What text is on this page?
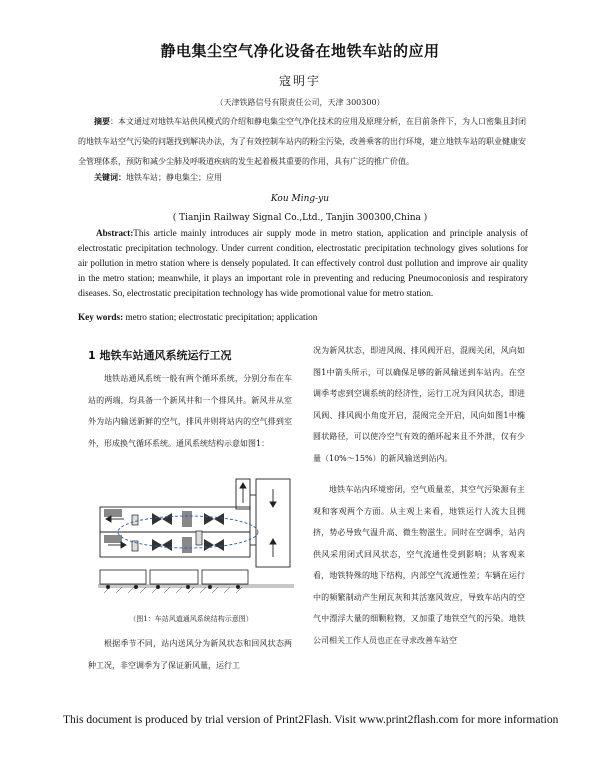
静电集尘空气净化设备在地铁车站的应用
寇明宇
（天津铁路信号有限责任公司，天津 300300）
摘要：本文通过对地铁车站供风模式的介绍和静电集尘空气净化技术的应用及原理分析，在目前条件下，为人口密集且封闭的地铁车站空气污染的问题找到解决办法，为了有效控制车站内的粉尘污染，改善乘客的出行环境，建立地铁车站的职业健康安全管理体系，预防和减少尘肺及呼吸道疾病的发生起着极其重要的作用，具有广泛的推广价值。
关键词：地铁车站；静电集尘；应用
Kou Ming-yu
( Tianjin Railway Signal Co.,Ltd., Tanjin 300300,China )
Abstract:This article mainly introduces air supply mode in metro station, application and principle analysis of electrostatic precipitation technology. Under current condition, electrostatic precipitation technology gives solutions for air pollution in metro station where is densely populated. It can effectively control dust pollution and improve air quality in the metro station; meanwhile, it plays an important role in preventing and reducing Pneumoconiosis and respiratory diseases. So, electrostatic precipitation technology has wide promotional value for metro station.
Key words: metro station; electrostatic precipitation; application
1 地铁车站通风系统运行工况

地铁站通风系统一般有两个循环系统，分别分布在车站的两端，均具备一个新风井和一个排风井。新风井从室外为站内输送新鲜的空气，排风井则将站内的空气排到室外，形成换气循环系统。通风系统结构示意如图1：

（图1：车站风道通风系统结构示意图）

根据季节不同，站内送风分为新风状态和回风状态两种工况，非空调季为了保证新风量，运行工

况为新风状态，即进风阀、排风阀开启，混阀关闭，风向如图1中箭头所示，可以确保足够的新风输送到车站内。在空调季考虑到空调系统的经济性，运行工况为回风状态，即进风阀、排风阀小角度开启，混阀完全开启，风向如图1中椭圆状路径，可以使冷空气有效的循环起来且不外泄，仅有少量（10%～15%）的新风输送到站内。

地铁车站内环境密闭，空气质量差，其空气污染源有主观和客观两个方面。从主观上来看，地铁运行人流大且拥挤，势必导致气温升高、微生物滋生。同时在空调季，站内供风采用闭式回风状态，空气流通性受到影响；从客观来看，地铁特殊的地下结构，内部空气流通性差；车辆在运行中的频繁制动产生闸瓦灰和其活塞风效应，导致车站内的空气中漂浮大量的细颗粒物，又加重了地铁空气的污染。地铁公司相关工作人员也正在寻求改善车站空

This document is produced by trial version of Print2Flash. Visit www.print2flash.com for more information
